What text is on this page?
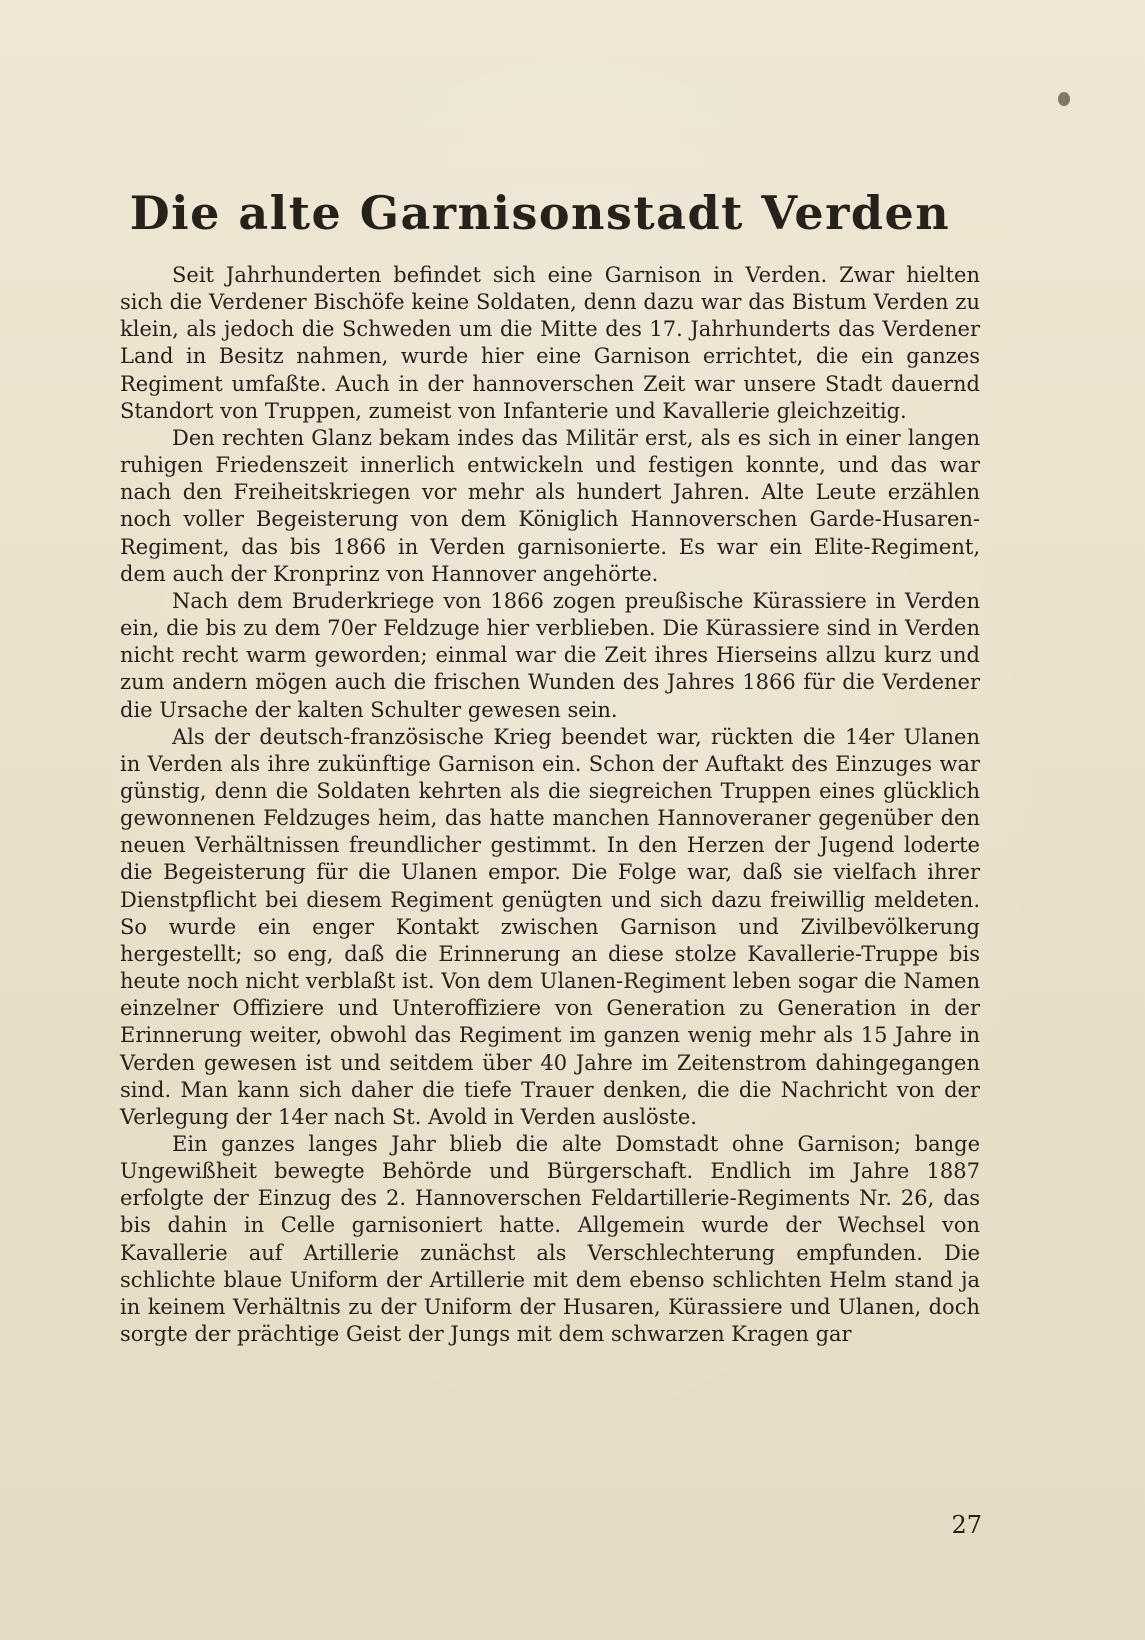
Die alte Garnisonstadt Verden

Seit Jahrhunderten befindet sich eine Garnison in Verden. Zwar hielten sich die Verdener Bischöfe keine Soldaten, denn dazu war das Bistum Verden zu klein, als jedoch die Schweden um die Mitte des 17. Jahrhunderts das Verdener Land in Besitz nahmen, wurde hier eine Garnison errichtet, die ein ganzes Regiment umfaßte. Auch in der hannoverschen Zeit war unsere Stadt dauernd Standort von Truppen, zumeist von Infanterie und Kavallerie gleichzeitig.

Den rechten Glanz bekam indes das Militär erst, als es sich in einer langen ruhigen Friedenszeit innerlich entwickeln und festigen konnte, und das war nach den Freiheitskriegen vor mehr als hundert Jahren. Alte Leute erzählen noch voller Begeisterung von dem Königlich Hannoverschen Garde-Husaren-Regiment, das bis 1866 in Verden garnisonierte. Es war ein Elite-Regiment, dem auch der Kronprinz von Hannover angehörte.

Nach dem Bruderkriege von 1866 zogen preußische Kürassiere in Verden ein, die bis zu dem 70er Feldzuge hier verblieben. Die Kürassiere sind in Verden nicht recht warm geworden; einmal war die Zeit ihres Hierseins allzu kurz und zum andern mögen auch die frischen Wunden des Jahres 1866 für die Verdener die Ursache der kalten Schulter gewesen sein.

Als der deutsch-französische Krieg beendet war, rückten die 14er Ulanen in Verden als ihre zukünftige Garnison ein. Schon der Auftakt des Einzuges war günstig, denn die Soldaten kehrten als die siegreichen Truppen eines glücklich gewonnenen Feldzuges heim, das hatte manchen Hannoveraner gegenüber den neuen Verhältnissen freundlicher gestimmt. In den Herzen der Jugend loderte die Begeisterung für die Ulanen empor. Die Folge war, daß sie vielfach ihrer Dienstpflicht bei diesem Regiment genügten und sich dazu freiwillig meldeten. So wurde ein enger Kontakt zwischen Garnison und Zivilbevölkerung hergestellt; so eng, daß die Erinnerung an diese stolze Kavallerie-Truppe bis heute noch nicht verblaßt ist. Von dem Ulanen-Regiment leben sogar die Namen einzelner Offiziere und Unteroffiziere von Generation zu Generation in der Erinnerung weiter, obwohl das Regiment im ganzen wenig mehr als 15 Jahre in Verden gewesen ist und seitdem über 40 Jahre im Zeitenstrom dahingegangen sind. Man kann sich daher die tiefe Trauer denken, die die Nachricht von der Verlegung der 14er nach St. Avold in Verden auslöste.

Ein ganzes langes Jahr blieb die alte Domstadt ohne Garnison; bange Ungewißheit bewegte Behörde und Bürgerschaft. Endlich im Jahre 1887 erfolgte der Einzug des 2. Hannoverschen Feldartillerie-Regiments Nr. 26, das bis dahin in Celle garnisoniert hatte. Allgemein wurde der Wechsel von Kavallerie auf Artillerie zunächst als Verschlechterung empfunden. Die schlichte blaue Uniform der Artillerie mit dem ebenso schlichten Helm stand ja in keinem Verhältnis zu der Uniform der Husaren, Kürassiere und Ulanen, doch sorgte der prächtige Geist der Jungs mit dem schwarzen Kragen gar

27
